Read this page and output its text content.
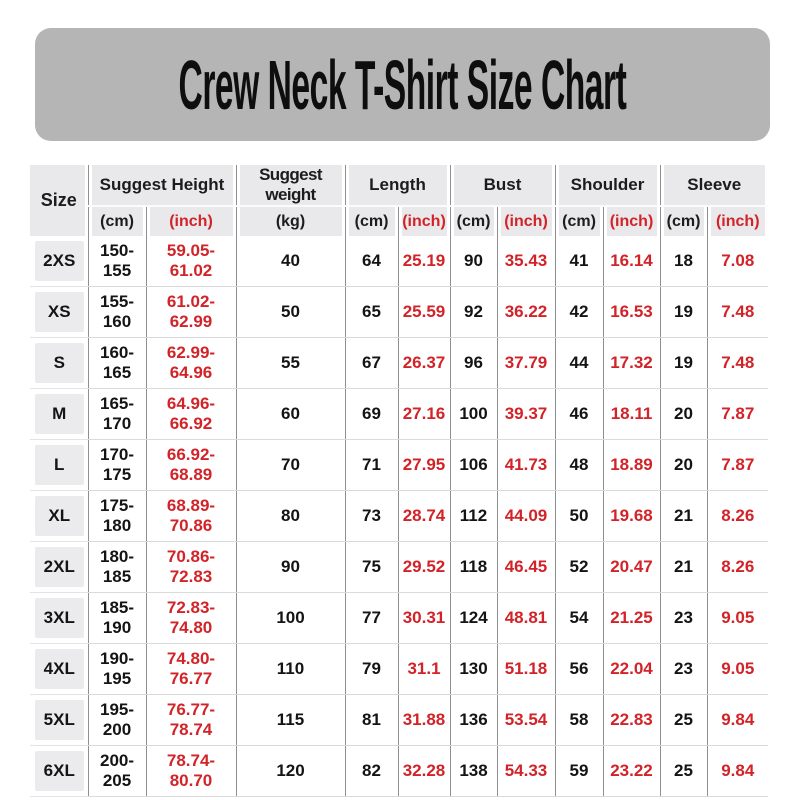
Crew Neck T-Shirt Size Chart
Size	Suggest Height		Suggest weight	Length		Bust		Shoulder		Sleeve	
	(cm)	(inch)	(kg)	(cm)	(inch)	(cm)	(inch)	(cm)	(inch)	(cm)	(inch)

2XS	150-155	59.05-61.02	40	64	25.19	90	35.43	41	16.14	18	7.08

XS	155-160	61.02-62.99	50	65	25.59	92	36.22	42	16.53	19	7.48

S	160-165	62.99-64.96	55	67	26.37	96	37.79	44	17.32	19	7.48

M	165-170	64.96-66.92	60	69	27.16	100	39.37	46	18.11	20	7.87

L	170-175	66.92-68.89	70	71	27.95	106	41.73	48	18.89	20	7.87

XL	175-180	68.89-70.86	80	73	28.74	112	44.09	50	19.68	21	8.26

2XL	180-185	70.86-72.83	90	75	29.52	118	46.45	52	20.47	21	8.26

3XL	185-190	72.83-74.80	100	77	30.31	124	48.81	54	21.25	23	9.05

4XL	190-195	74.80-76.77	110	79	31.1	130	51.18	56	22.04	23	9.05

5XL	195-200	76.77-78.74	115	81	31.88	136	53.54	58	22.83	25	9.84

6XL	200-205	78.74-80.70	120	82	32.28	138	54.33	59	23.22	25	9.84
